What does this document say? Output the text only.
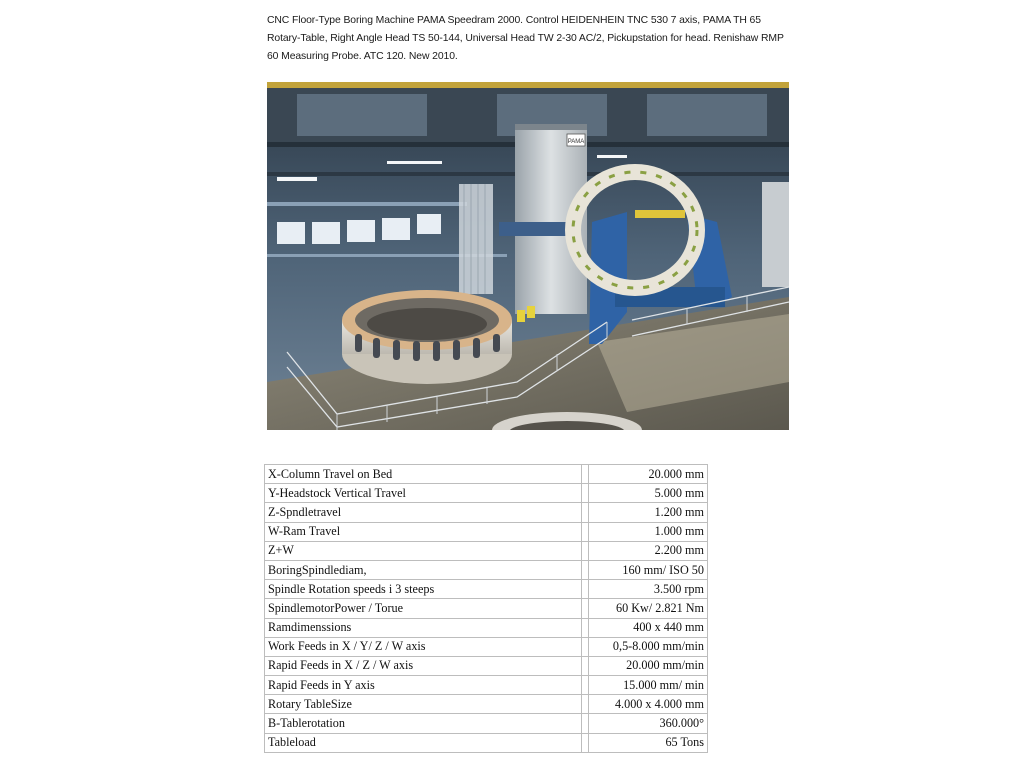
CNC Floor-Type Boring Machine PAMA Speedram 2000. Control HEIDENHEIN TNC 530 7 axis, PAMA TH 65 Rotary-Table, Right Angle Head TS 50-144, Universal Head TW 2-30 AC/2, Pickupstation for head. Renishaw RMP 60 Measuring Probe. ATC 120. New 2010.

PAMA
X-Column Travel on Bed		20.000 mm
Y-Headstock Vertical Travel		5.000 mm
Z-Spndletravel		1.200 mm
W-Ram Travel		1.000 mm
Z+W		2.200 mm
BoringSpindlediam,		160 mm/ ISO 50
Spindle Rotation speeds i 3 steeps		3.500 rpm
SpindlemotorPower / Torue		60 Kw/ 2.821 Nm
Ramdimenssions		400 x 440 mm
Work Feeds in X / Y/ Z / W axis		0,5-8.000 mm/min
Rapid Feeds in X / Z / W axis		20.000 mm/min
Rapid Feeds in Y axis		15.000 mm/ min
Rotary TableSize		4.000 x 4.000 mm
B-Tablerotation		360.000°
Tableload		65 Tons
